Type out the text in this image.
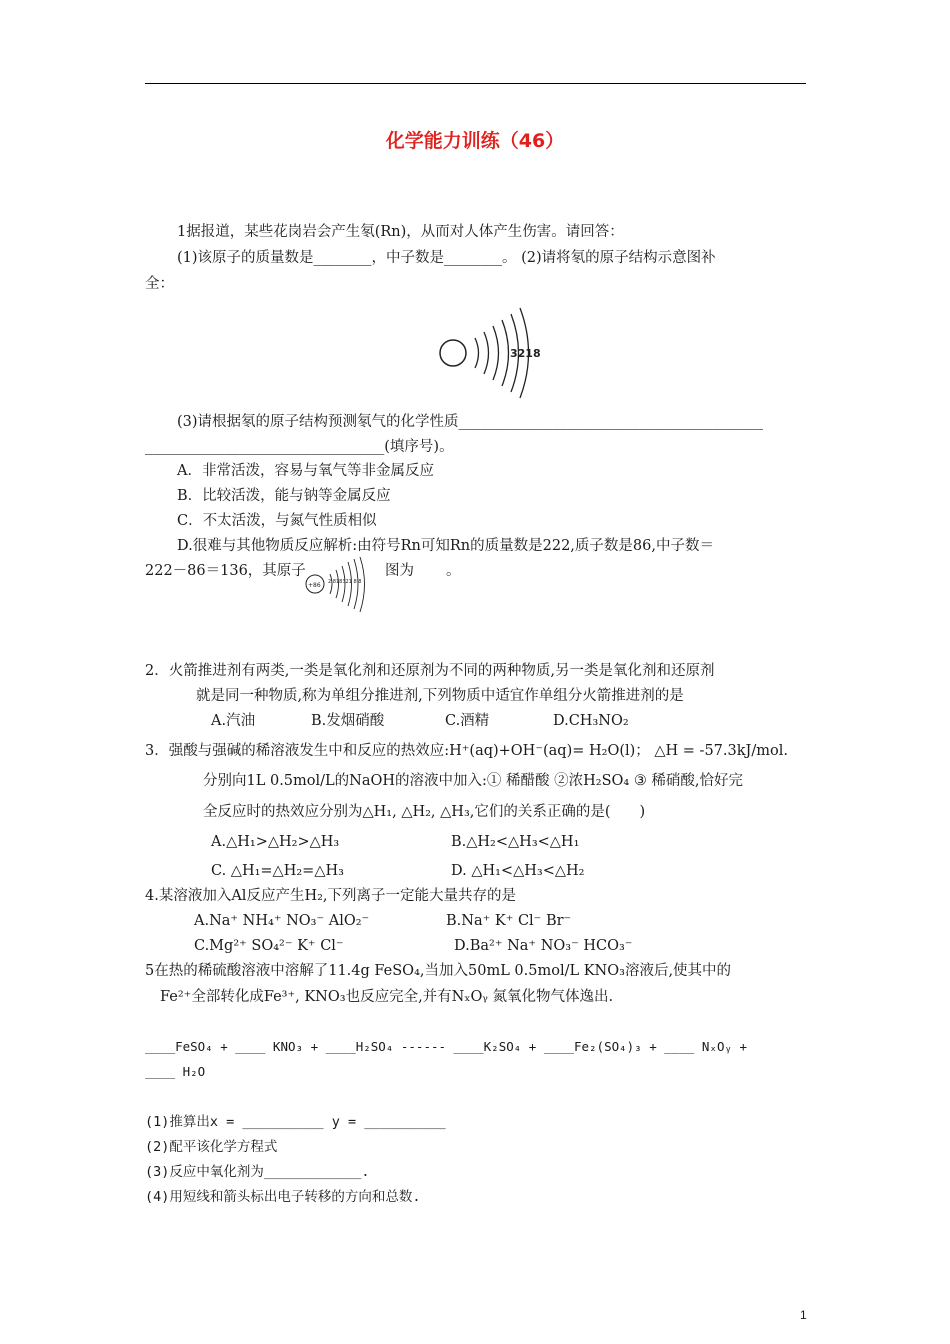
化学能力训练（46）
1据报道，某些花岗岩会产生氡(Rn)，从而对人体产生伤害。请回答：
(1)该原子的质量数是________，中子数是________。 (2)请将氡的原子结构示意图补
全：
3218
(3)请根据氡的原子结构预测氡气的化学性质__________________________________________
_________________________________(填序号)。
A．非常活泼，容易与氧气等非金属反应
B．比较活泼，能与钠等金属反应
C．不太活泼，与氮气性质相似
D.很难与其他物质反应解析:由符号Rn可知Rn的质量数是222,质子数是86,中子数＝
222－86＝136，其原子	图为 。
+86 2 818321 8 8
2．火箭推进剂有两类,一类是氧化剂和还原剂为不同的两种物质,另一类是氧化剂和还原剂
就是同一种物质,称为单组分推进剂,下列物质中适宜作单组分火箭推进剂的是
A.汽油	B.发烟硝酸	C.酒精	D.CH₃NO₂
3．强酸与强碱的稀溶液发生中和反应的热效应:H⁺(aq)+OH⁻(aq)= H₂O(l)； △H = -57.3kJ/mol.
分别向1L 0.5mol/L的NaOH的溶液中加入:① 稀醋酸 ②浓H₂SO₄ ③ 稀硝酸,恰好完
全反应时的热效应分别为△H₁, △H₂, △H₃,它们的关系正确的是(　　)
A.△H₁>△H₂>△H₃	B.△H₂<△H₃<△H₁
C. △H₁=△H₂=△H₃	D. △H₁<△H₃<△H₂
4.某溶液加入Al反应产生H₂,下列离子一定能大量共存的是
A.Na⁺ NH₄⁺ NO₃⁻ AlO₂⁻	B.Na⁺ K⁺ Cl⁻ Br⁻
C.Mg²⁺ SO₄²⁻ K⁺ Cl⁻	D.Ba²⁺ Na⁺ NO₃⁻ HCO₃⁻
5在热的稀硫酸溶液中溶解了11.4g FeSO₄,当加入50mL 0.5mol/L KNO₃溶液后,使其中的
Fe²⁺全部转化成Fe³⁺, KNO₃也反应完全,并有NₓOᵧ 氮氧化物气体逸出.
____FeSO₄ + ____ KNO₃ + ____H₂SO₄ ------ ____K₂SO₄ + ____Fe₂(SO₄)₃ + ____ NₓOᵧ +
____ H₂O
(1)推算出x = __________ y = __________
(2)配平该化学方程式
(3)反应中氧化剂为____________.
(4)用短线和箭头标出电子转移的方向和总数.
1
